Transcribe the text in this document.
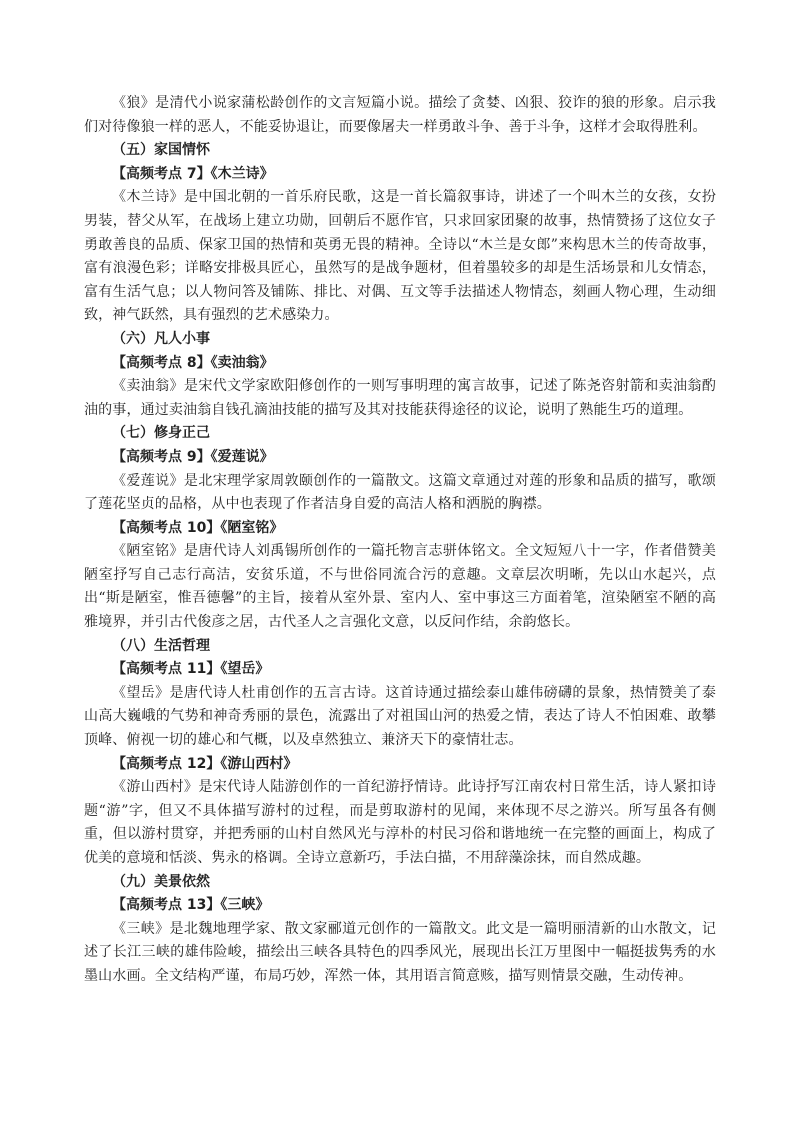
《狼》是清代小说家蒲松龄创作的文言短篇小说。描绘了贪婪、凶狠、狡诈的狼的形象。启示我们对待像狼一样的恶人，不能妥协退让，而要像屠夫一样勇敢斗争、善于斗争，这样才会取得胜利。

（五）家国情怀

【高频考点 7】《木兰诗》

《木兰诗》是中国北朝的一首乐府民歌，这是一首长篇叙事诗，讲述了一个叫木兰的女孩，女扮男装，替父从军，在战场上建立功勋，回朝后不愿作官，只求回家团聚的故事，热情赞扬了这位女子勇敢善良的品质、保家卫国的热情和英勇无畏的精神。全诗以“木兰是女郎”来构思木兰的传奇故事，富有浪漫色彩；详略安排极具匠心，虽然写的是战争题材，但着墨较多的却是生活场景和儿女情态，富有生活气息；以人物问答及铺陈、排比、对偶、互文等手法描述人物情态，刻画人物心理，生动细致，神气跃然，具有强烈的艺术感染力。

（六）凡人小事

【高频考点 8】《卖油翁》

《卖油翁》是宋代文学家欧阳修创作的一则写事明理的寓言故事，记述了陈尧咨射箭和卖油翁酌油的事，通过卖油翁自钱孔滴油技能的描写及其对技能获得途径的议论，说明了熟能生巧的道理。

（七）修身正己

【高频考点 9】《爱莲说》

《爱莲说》是北宋理学家周敦颐创作的一篇散文。这篇文章通过对莲的形象和品质的描写，歌颂了莲花坚贞的品格，从中也表现了作者洁身自爱的高洁人格和洒脱的胸襟。

【高频考点 10】《陋室铭》

《陋室铭》是唐代诗人刘禹锡所创作的一篇托物言志骈体铭文。全文短短八十一字，作者借赞美陋室抒写自己志行高洁，安贫乐道，不与世俗同流合污的意趣。文章层次明晰，先以山水起兴，点出“斯是陋室，惟吾德馨”的主旨，接着从室外景、室内人、室中事这三方面着笔，渲染陋室不陋的高雅境界，并引古代俊彦之居，古代圣人之言强化文意，以反问作结，余韵悠长。

（八）生活哲理

【高频考点 11】《望岳》

《望岳》是唐代诗人杜甫创作的五言古诗。这首诗通过描绘泰山雄伟磅礴的景象，热情赞美了泰山高大巍峨的气势和神奇秀丽的景色，流露出了对祖国山河的热爱之情，表达了诗人不怕困难、敢攀顶峰、俯视一切的雄心和气概，以及卓然独立、兼济天下的豪情壮志。

【高频考点 12】《游山西村》

《游山西村》是宋代诗人陆游创作的一首纪游抒情诗。此诗抒写江南农村日常生活，诗人紧扣诗题“游”字，但又不具体描写游村的过程，而是剪取游村的见闻，来体现不尽之游兴。所写虽各有侧重，但以游村贯穿，并把秀丽的山村自然风光与淳朴的村民习俗和谐地统一在完整的画面上，构成了优美的意境和恬淡、隽永的格调。全诗立意新巧，手法白描，不用辞藻涂抹，而自然成趣。

（九）美景依然

【高频考点 13】《三峡》

《三峡》是北魏地理学家、散文家郦道元创作的一篇散文。此文是一篇明丽清新的山水散文，记述了长江三峡的雄伟险峻，描绘出三峡各具特色的四季风光，展现出长江万里图中一幅挺拔隽秀的水墨山水画。全文结构严谨，布局巧妙，浑然一体，其用语言简意赅，描写则情景交融，生动传神。
